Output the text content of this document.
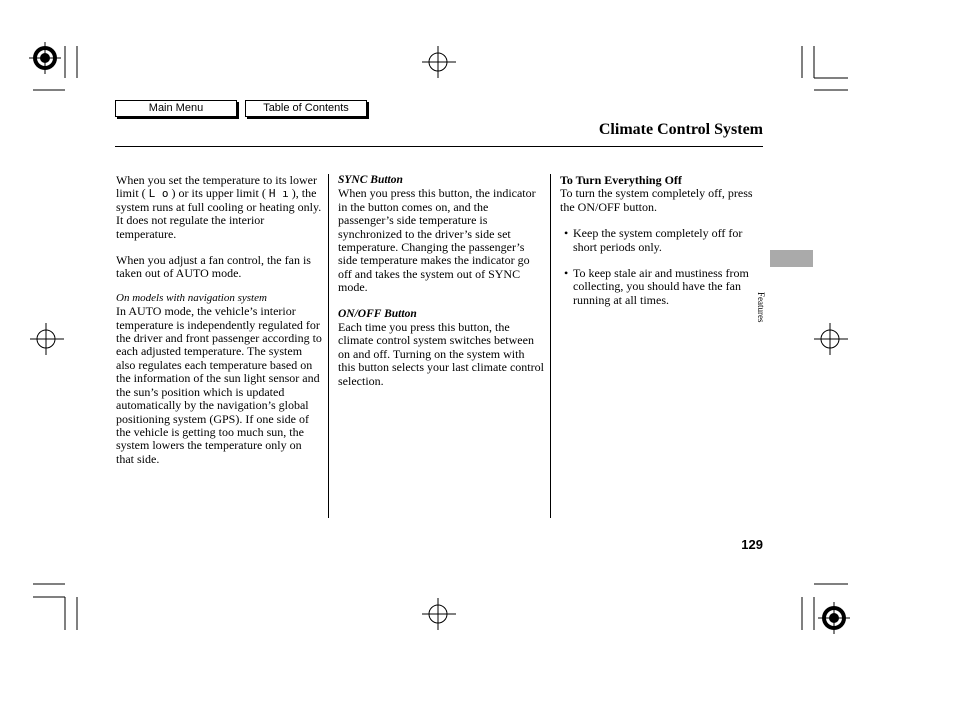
Main Menu	Table of Contents
Climate Control System

When you set the temperature to its lower limit ( L o ) or its upper limit ( H ı ), the system runs at full cooling or heating only. It does not regulate the interior temperature.

When you adjust a fan control, the fan is taken out of AUTO mode.

On models with navigation system

In AUTO mode, the vehicle’s interior temperature is independently regulated for the driver and front passenger according to each adjusted temperature. The system also regulates each temperature based on the information of the sun light sensor and the sun’s position which is updated automatically by the navigation’s global positioning system (GPS). If one side of the vehicle is getting too much sun, the system lowers the temperature only on that side.

SYNC Button

When you press this button, the indicator in the button comes on, and the passenger’s side temperature is synchronized to the driver’s side set temperature. Changing the passenger’s side temperature makes the indicator go off and takes the system out of SYNC mode.

ON/OFF Button

Each time you press this button, the climate control system switches between on and off. Turning on the system with this button selects your last climate control selection.

To Turn Everything Off

To turn the system completely off, press the ON/OFF button.

• Keep the system completely off for short periods only.
• To keep stale air and mustiness from collecting, you should have the fan running at all times.	Features
129
